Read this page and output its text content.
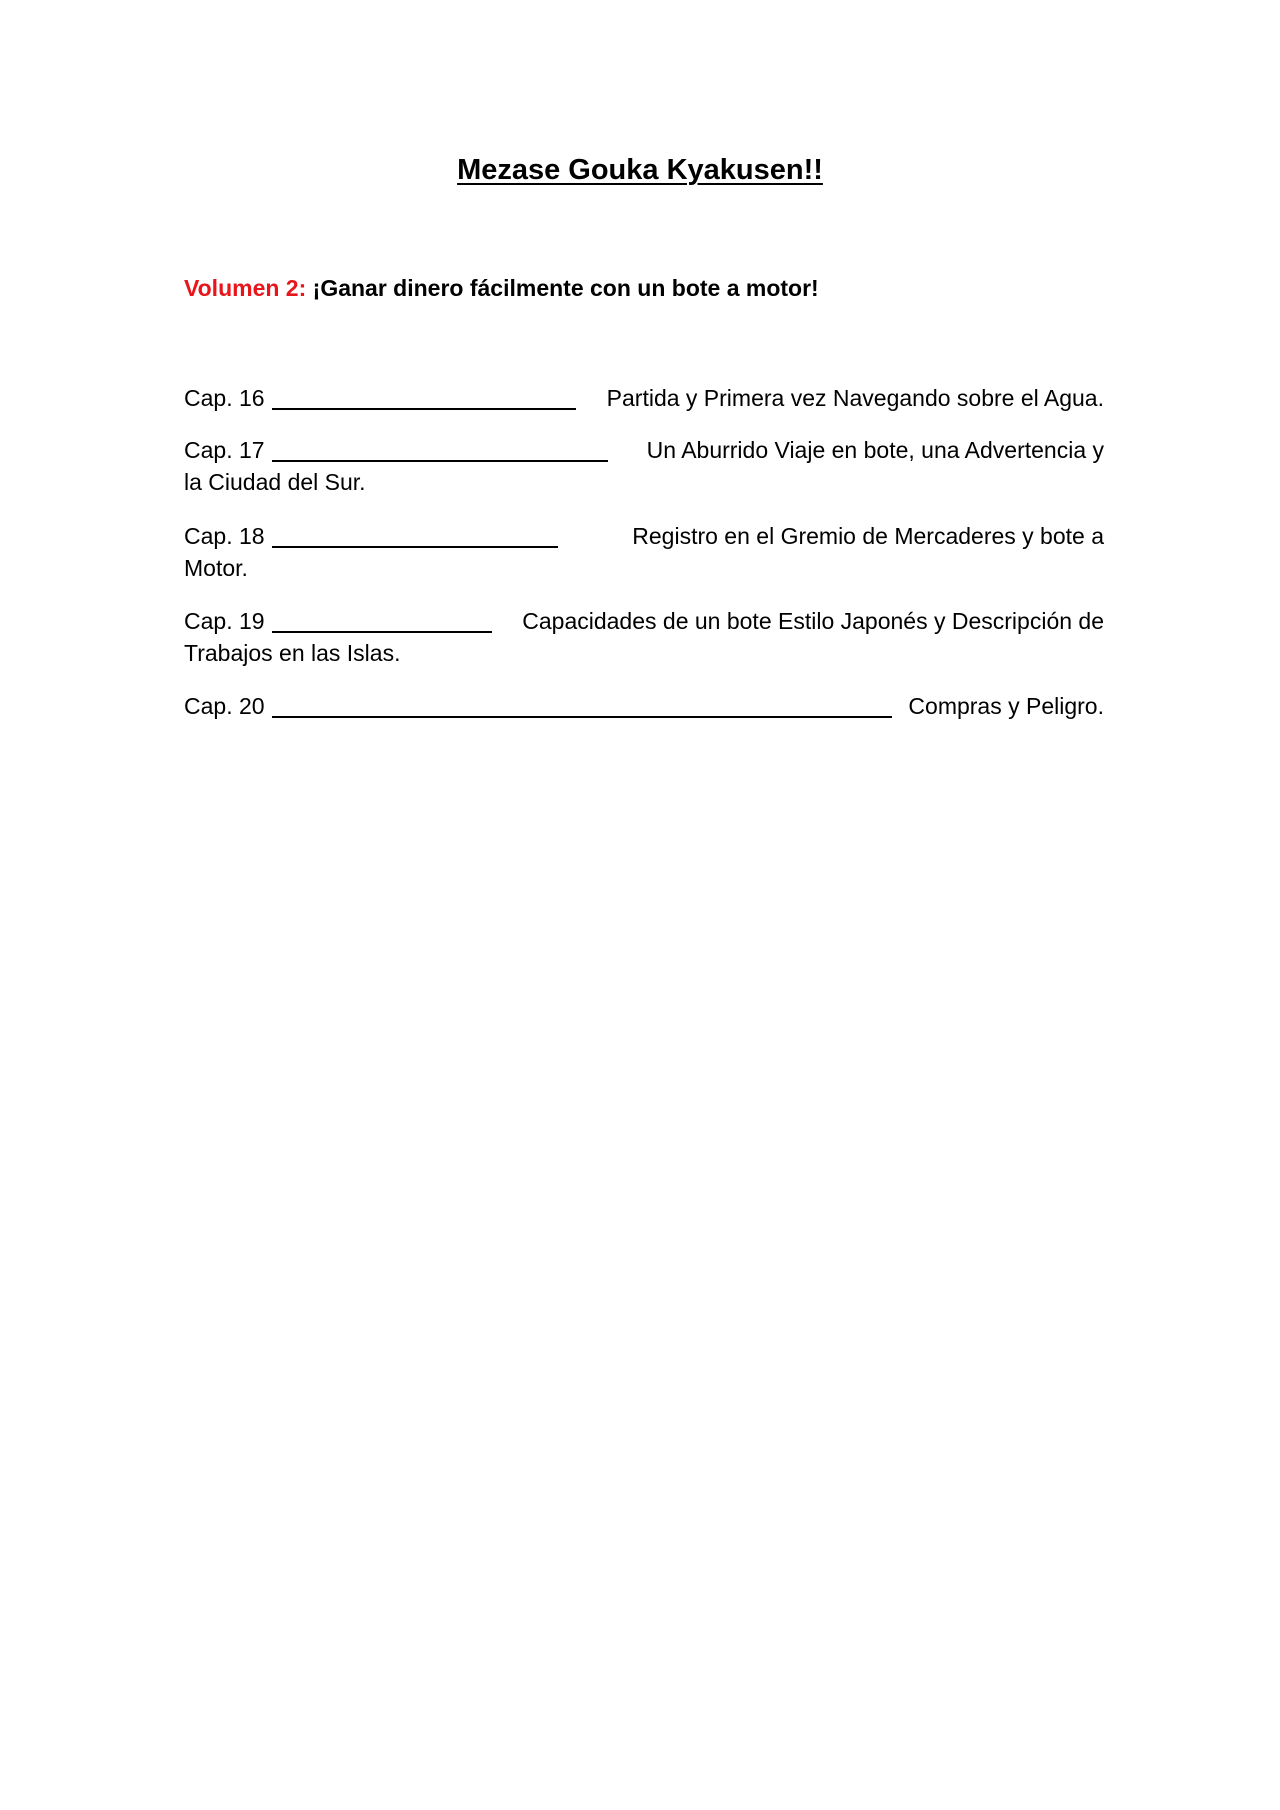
Mezase Gouka Kyakusen!!
Volumen 2: ¡Ganar dinero fácilmente con un bote a motor!
Cap. 16	Partida y Primera vez Navegando sobre el Agua.
Cap. 17	Un Aburrido Viaje en bote, una Advertencia y
la Ciudad del Sur.
Cap. 18	Registro en el Gremio de Mercaderes y bote a
Motor.
Cap. 19	Capacidades de un bote Estilo Japonés y Descripción de
Trabajos en las Islas.
Cap. 20	Compras y Peligro.
